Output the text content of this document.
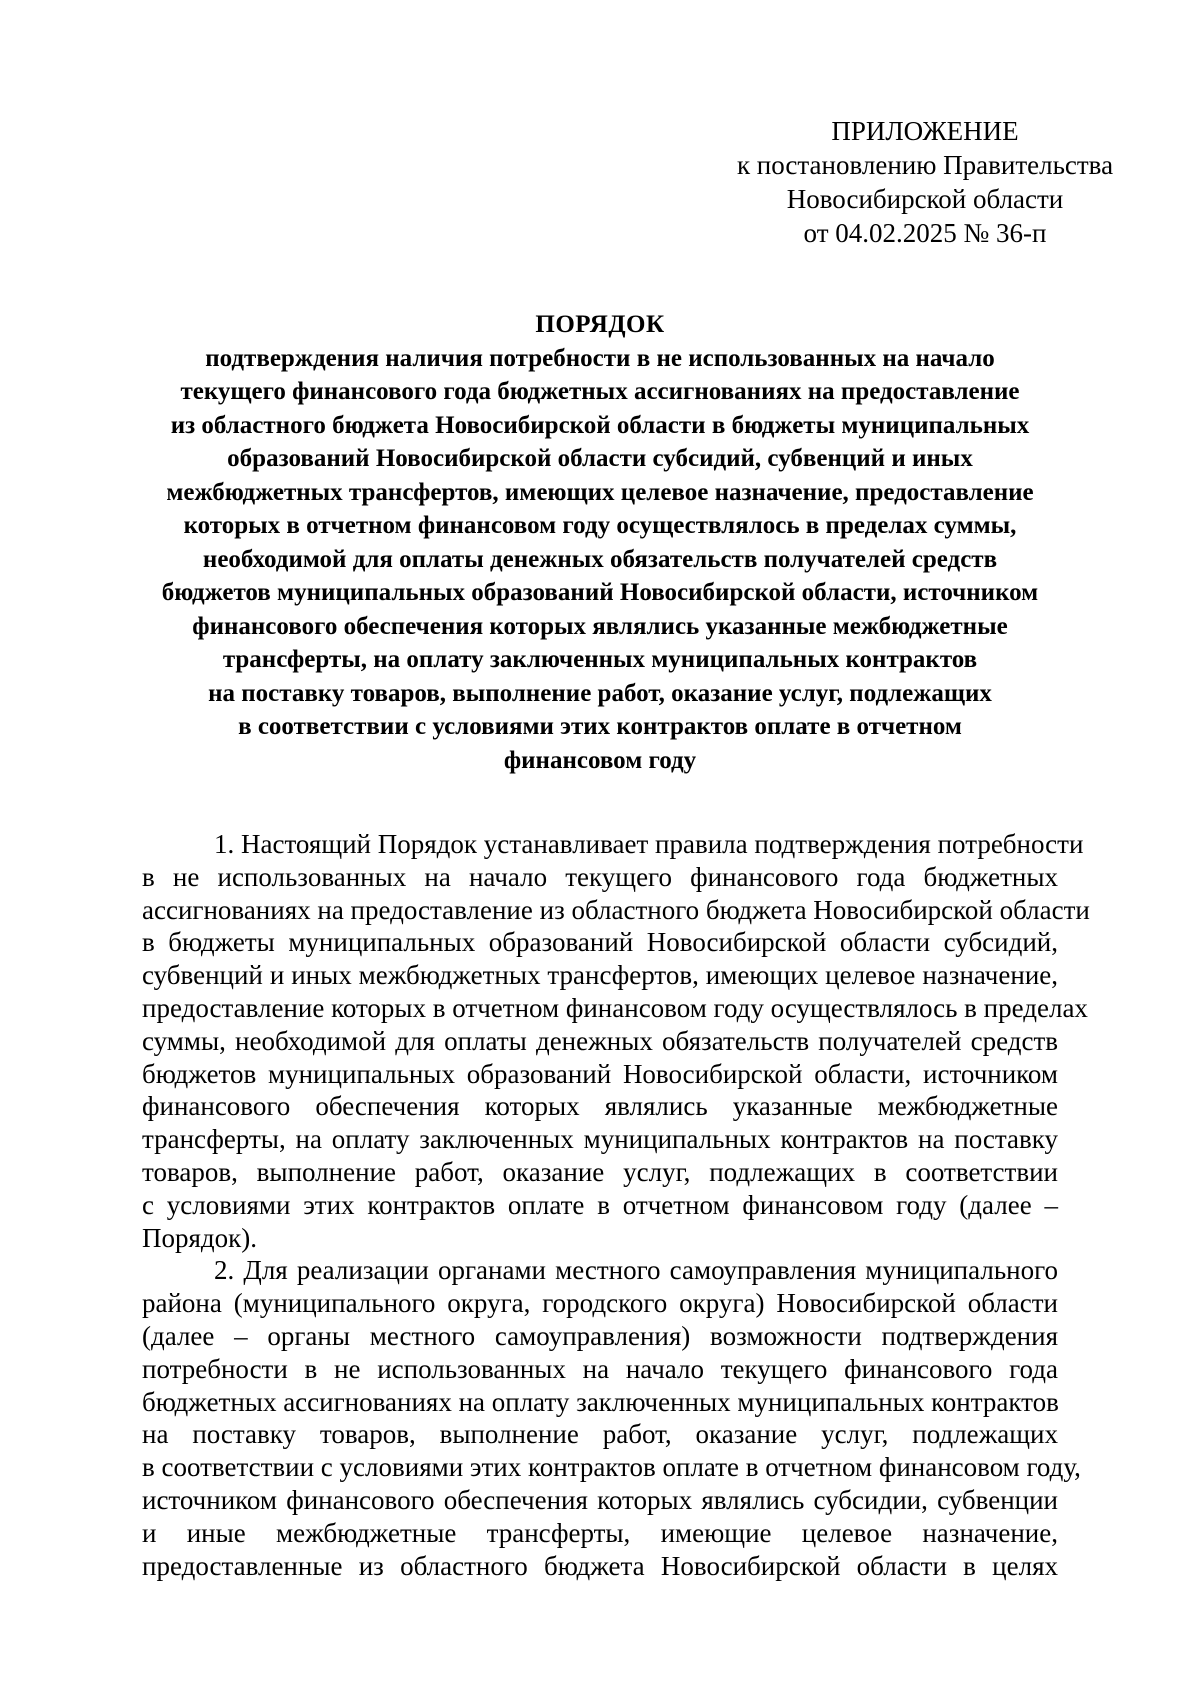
ПРИЛОЖЕНИЕ
к постановлению Правительства
Новосибирской области
от 04.02.2025 № 36-п
ПОРЯДОК
подтверждения наличия потребности в не использованных на начало
текущего финансового года бюджетных ассигнованиях на предоставление
из областного бюджета Новосибирской области в бюджеты муниципальных
образований Новосибирской области субсидий, субвенций и иных
межбюджетных трансфертов, имеющих целевое назначение, предоставление
которых в отчетном финансовом году осуществлялось в пределах суммы,
необходимой для оплаты денежных обязательств получателей средств
бюджетов муниципальных образований Новосибирской области, источником
финансового обеспечения которых являлись указанные межбюджетные
трансферты, на оплату заключенных муниципальных контрактов
на поставку товаров, выполнение работ, оказание услуг, подлежащих
в соответствии с условиями этих контрактов оплате в отчетном
финансовом году
1. Настоящий Порядок устанавливает правила подтверждения потребности
в не использованных на начало текущего финансового года бюджетных
ассигнованиях на предоставление из областного бюджета Новосибирской области
в бюджеты муниципальных образований Новосибирской области субсидий,
субвенций и иных межбюджетных трансфертов, имеющих целевое назначение,
предоставление которых в отчетном финансовом году осуществлялось в пределах
суммы, необходимой для оплаты денежных обязательств получателей средств
бюджетов муниципальных образований Новосибирской области, источником
финансового обеспечения которых являлись указанные межбюджетные
трансферты, на оплату заключенных муниципальных контрактов на поставку
товаров, выполнение работ, оказание услуг, подлежащих в соответствии
с условиями этих контрактов оплате в отчетном финансовом году (далее –
Порядок).
2. Для реализации органами местного самоуправления муниципального
района (муниципального округа, городского округа) Новосибирской области
(далее – органы местного самоуправления) возможности подтверждения
потребности в не использованных на начало текущего финансового года
бюджетных ассигнованиях на оплату заключенных муниципальных контрактов
на поставку товаров, выполнение работ, оказание услуг, подлежащих
в соответствии с условиями этих контрактов оплате в отчетном финансовом году,
источником финансового обеспечения которых являлись субсидии, субвенции
и иные межбюджетные трансферты, имеющие целевое назначение,
предоставленные из областного бюджета Новосибирской области в целях
